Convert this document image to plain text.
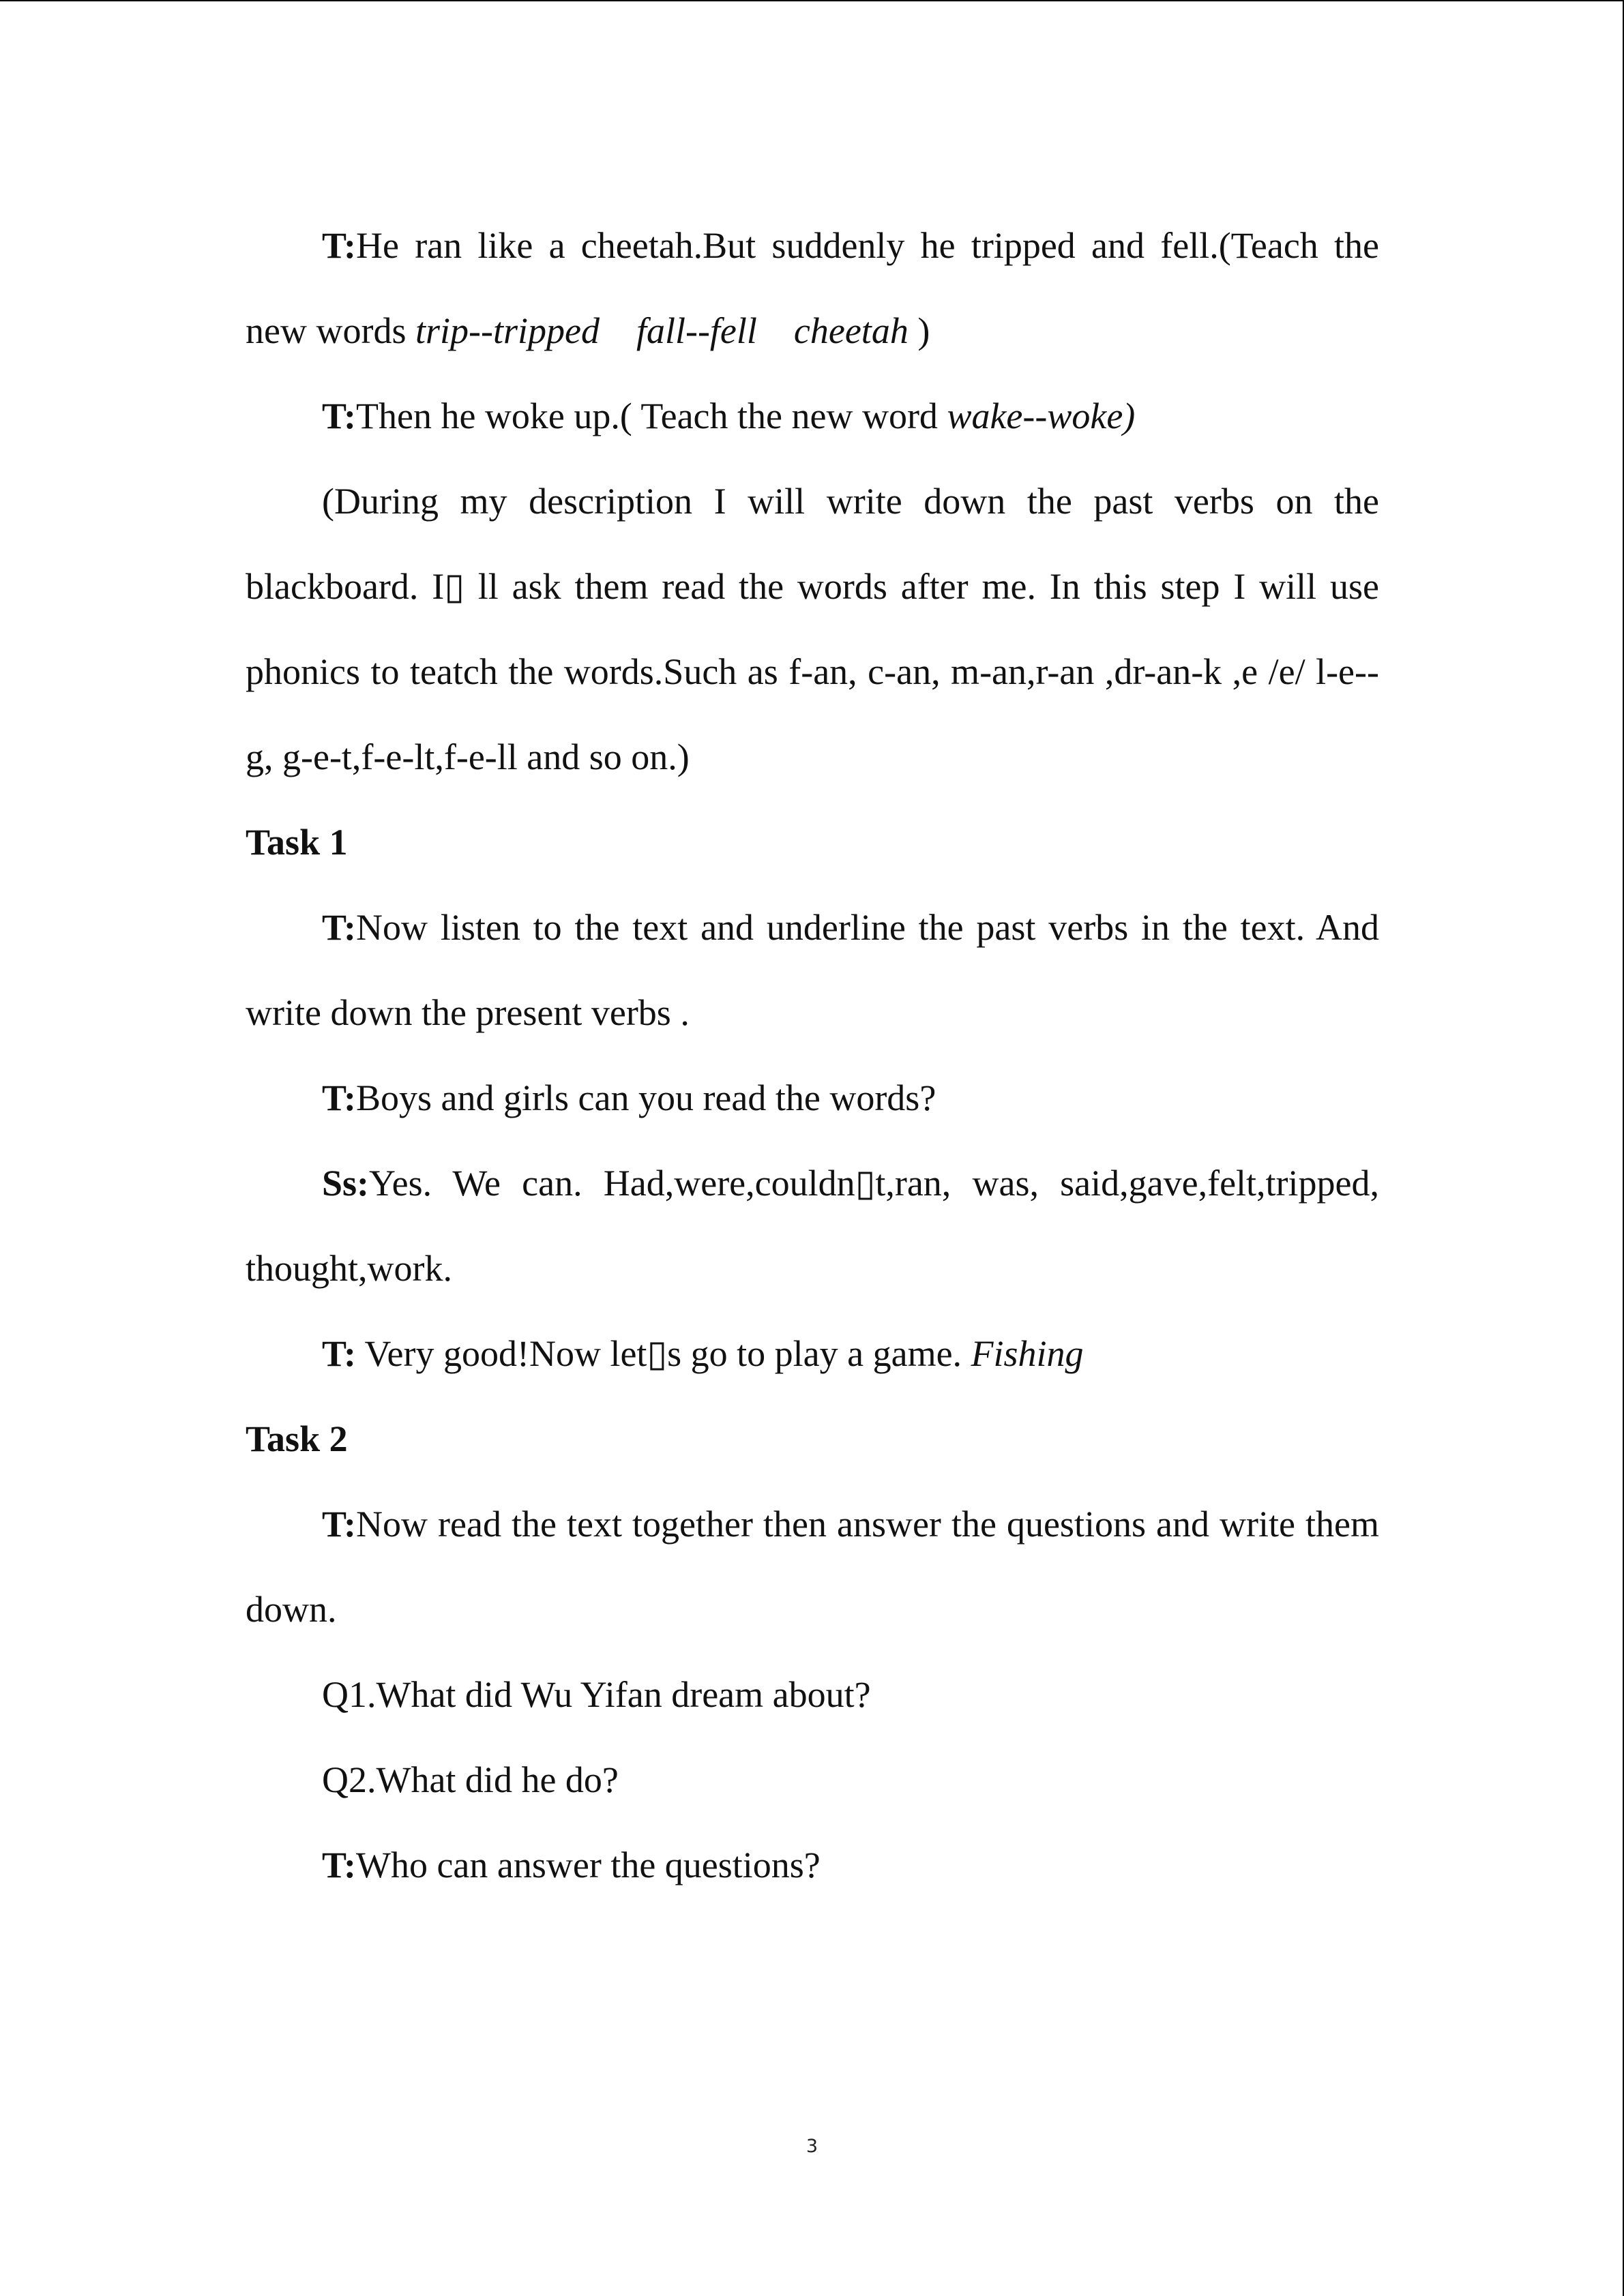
T:He ran like a cheetah.But suddenly he tripped and fell.(Teach the new words trip--tripped fall--fell cheetah )

T:Then he woke up.( Teach the new word wake--woke)

(During my description I will write down the past verbs on the blackboard. I▯ ll ask them read the words after me. In this step I will use phonics to teatch the words.Such as f-an, c-an, m-an,r-an ,dr-an-k ,e /e/ l-e--g, g-e-t,f-e-lt,f-e-ll and so on.)

Task 1

T:Now listen to the text and underline the past verbs in the text. And write down the present verbs .

T:Boys and girls can you read the words?

Ss:Yes. We can. Had,were,couldn▯t,ran, was, said,gave,felt,tripped, thought,work.

T: Very good!Now let▯s go to play a game. Fishing

Task 2

T:Now read the text together then answer the questions and write them down.

Q1.What did Wu Yifan dream about?

Q2.What did he do?

T:Who can answer the questions?

3
